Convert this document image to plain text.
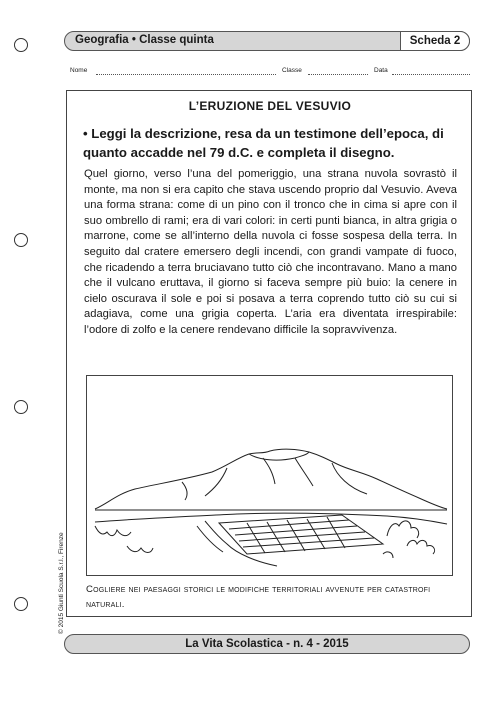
Geografia • Classe quinta	Scheda 2
Nome	Classe	Data
L’ERUZIONE DEL VESUVIO
• Leggi la descrizione, resa da un testimone dell’epoca, di quanto accadde nel 79 d.C. e completa il disegno.
Quel giorno, verso l’una del pomeriggio, una strana nuvola sovrastò il monte, ma non si era capito che stava uscendo proprio dal Vesuvio. Aveva una forma strana: come di un pino con il tronco che in cima si apre con il suo ombrello di rami; era di vari colori: in certi punti bianca, in altra grigia o marrone, come se all’interno della nuvola ci fosse sospesa della terra. In seguito dal cratere emersero degli incendi, con grandi vampate di fuoco, che ricadendo a terra bruciavano tutto ciò che incontravano. Mano a mano che il vulcano eruttava, il giorno si faceva sempre più buio: la cenere in cielo oscurava il sole e poi si posava a terra coprendo tutto ciò su cui si adagiava, come una grigia coperta. L’aria era diventata irrespirabile: l’odore di zolfo e la cenere rendevano difficile la sopravvivenza.
Cogliere nei paesaggi storici le modifiche territoriali avvenute per catastrofi naturali.
© 2015 Giunti Scuola S.r.l., Firenze
La Vita Scolastica - n. 4 - 2015
